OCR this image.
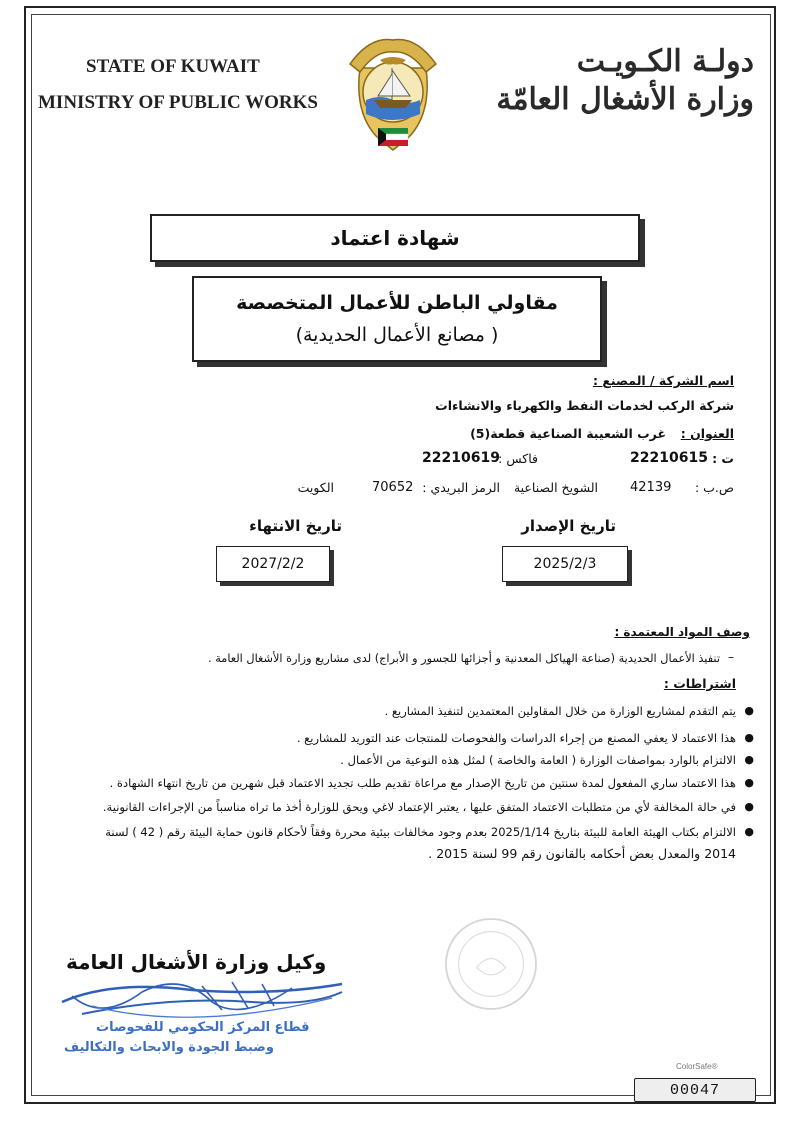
STATE OF KUWAIT
MINISTRY OF PUBLIC WORKS
دولـة الكـويـت
وزارة الأشغال العامّة
شهادة اعتماد
مقاولي الباطن للأعمال المتخصصة
( مصانع الأعمال الحديدية)
اسم الشركة / المصنع :
شركة الركب لخدمات النفط والكهرباء والانشاءات
العنوان :
غرب الشعيبة الصناعية قطعة(5)
ت :
22210615
فاكس :
22210619
ص.ب :
42139
الشويخ الصناعية
الرمز البريدي :
70652
الكويت
تاريخ الإصدار
2025/2/3
تاريخ الانتهاء
2027/2/2
وصف المواد المعتمدة :
تنفيذ الأعمال الحديدية (صناعة الهياكل المعدنية و أجزائها للجسور و الأبراج) لدى مشاريع وزارة الأشغال العامة . –
اشتراطات :
●
يتم التقدم لمشاريع الوزارة من خلال المقاولين المعتمدين لتنفيذ المشاريع .
●
هذا الاعتماد لا يعفي المصنع من إجراء الدراسات والفحوصات للمنتجات عند التوريد للمشاريع .
●
الالتزام بالوارد بمواصفات الوزارة ( العامة والخاصة ) لمثل هذه النوعية من الأعمال .
●
هذا الاعتماد ساري المفعول لمدة سنتين من تاريخ الإصدار مع مراعاة تقديم طلب تجديد الاعتماد قبل شهرين من تاريخ انتهاء الشهادة .
●
في حالة المخالفة لأي من متطلبات الاعتماد المتفق عليها ، يعتبر الإعتماد لاغي ويحق للوزارة أخذ ما تراه مناسباً من الإجراءات القانونية.
●
الالتزام بكتاب الهيئة العامة للبيئة بتاريخ 2025/1/14 بعدم وجود مخالفات بيئية محررة وفقاً لأحكام قانون حماية البيئة رقم ( 42 ) لسنة
2014 والمعدل بعض أحكامه بالقانون رقم 99 لسنة 2015 .
وكيل وزارة الأشغال العامة
قطاع المركز الحكومي للفحوصات
وضبط الجودة والابحاث والتكاليف
ColorSafe®
00047
